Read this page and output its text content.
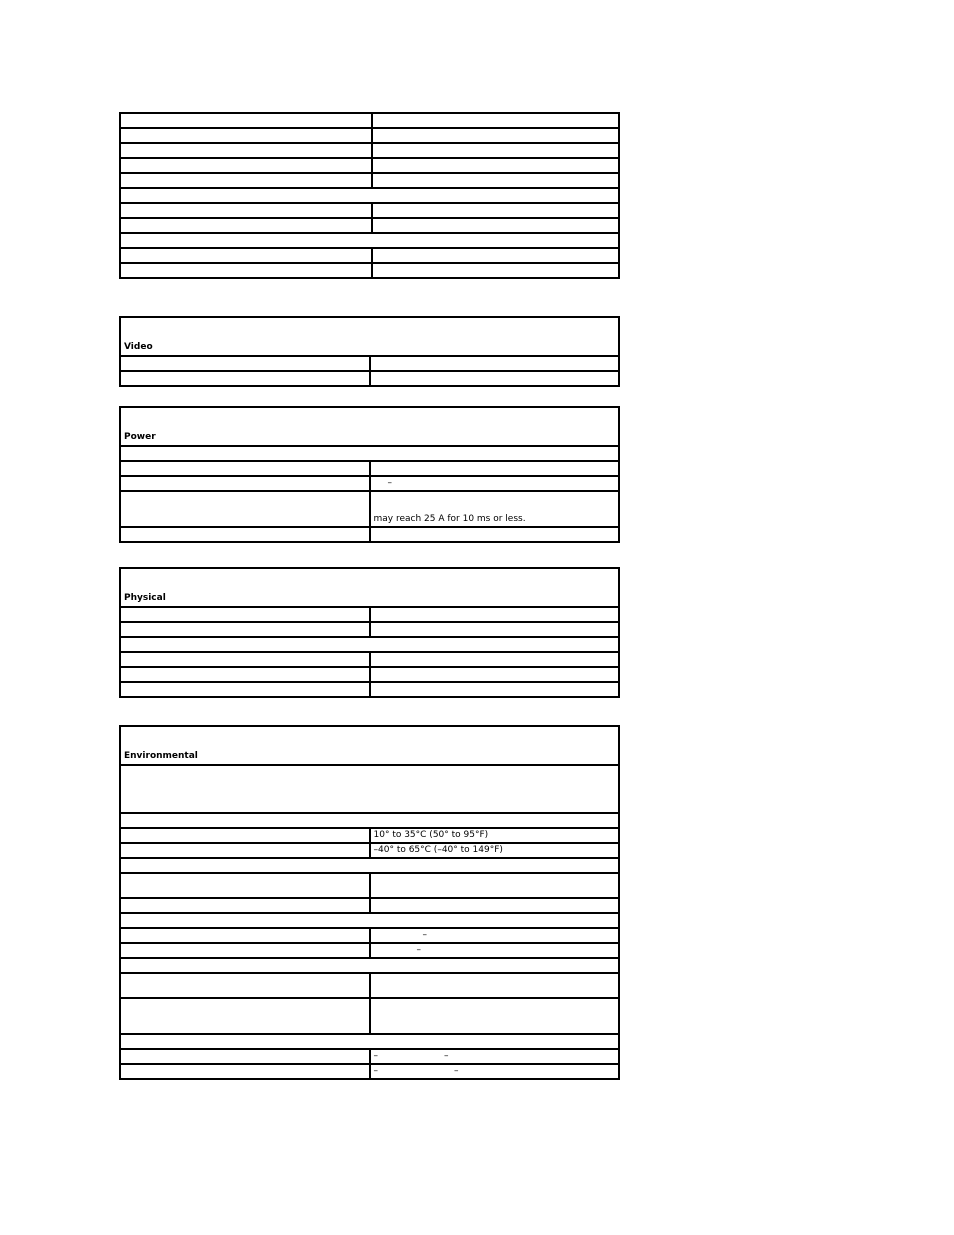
Video	

Power	

	–
	may reach 25 A for 10 ms or less.

Physical	

Environmental	

	10° to 35°C (50° to 95°F)
	–40° to 65°C (–40° to 149°F)

	–
	–

	– –
	– –
